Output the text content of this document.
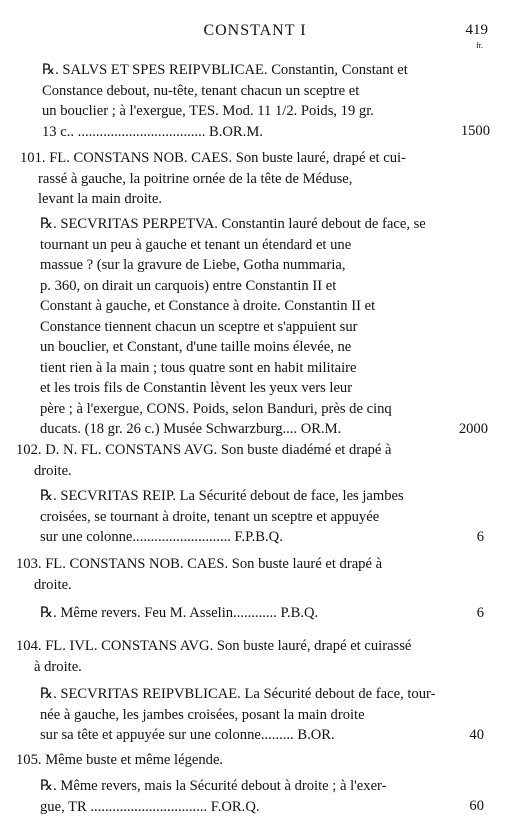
CONSTANT I	419
fr.
℞. SALVS ET SPES REIPVBLICAE. Constantin, Constant et
Constance debout, nu-tête, tenant chacun un sceptre et
un bouclier ; à l'exergue, TES. Mod. 11 1/2. Poids, 19 gr.
13 c.. ................................... B.OR.M.	1500
101. FL. CONSTANS NOB. CAES. Son buste lauré, drapé et cui-
rassé à gauche, la poitrine ornée de la tête de Méduse,
levant la main droite.
℞. SECVRITAS PERPETVA. Constantin lauré debout de face, se
tournant un peu à gauche et tenant un étendard et une
massue ? (sur la gravure de Liebe, Gotha nummaria,
p. 360, on dirait un carquois) entre Constantin II et
Constant à gauche, et Constance à droite. Constantin II et
Constance tiennent chacun un sceptre et s'appuient sur
un bouclier, et Constant, d'une taille moins élevée, ne
tient rien à la main ; tous quatre sont en habit militaire
et les trois fils de Constantin lèvent les yeux vers leur
père ; à l'exergue, CONS. Poids, selon Banduri, près de cinq
ducats. (18 gr. 26 c.) Musée Schwarzburg.... OR.M.	2000
102. D. N. FL. CONSTANS AVG. Son buste diadémé et drapé à
droite.
℞. SECVRITAS REIP. La Sécurité debout de face, les jambes
croisées, se tournant à droite, tenant un sceptre et appuyée
sur une colonne........................... F.P.B.Q.	6
103. FL. CONSTANS NOB. CAES. Son buste lauré et drapé à
droite.
℞. Même revers. Feu M. Asselin............ P.B.Q.	6
104. FL. IVL. CONSTANS AVG. Son buste lauré, drapé et cuirassé
à droite.
℞. SECVRITAS REIPVBLICAE. La Sécurité debout de face, tour-
née à gauche, les jambes croisées, posant la main droite
sur sa tête et appuyée sur une colonne......... B.OR.	40
105. Même buste et même légende.
℞. Même revers, mais la Sécurité debout à droite ; à l'exer-
gue, TR ................................ F.OR.Q.	60
